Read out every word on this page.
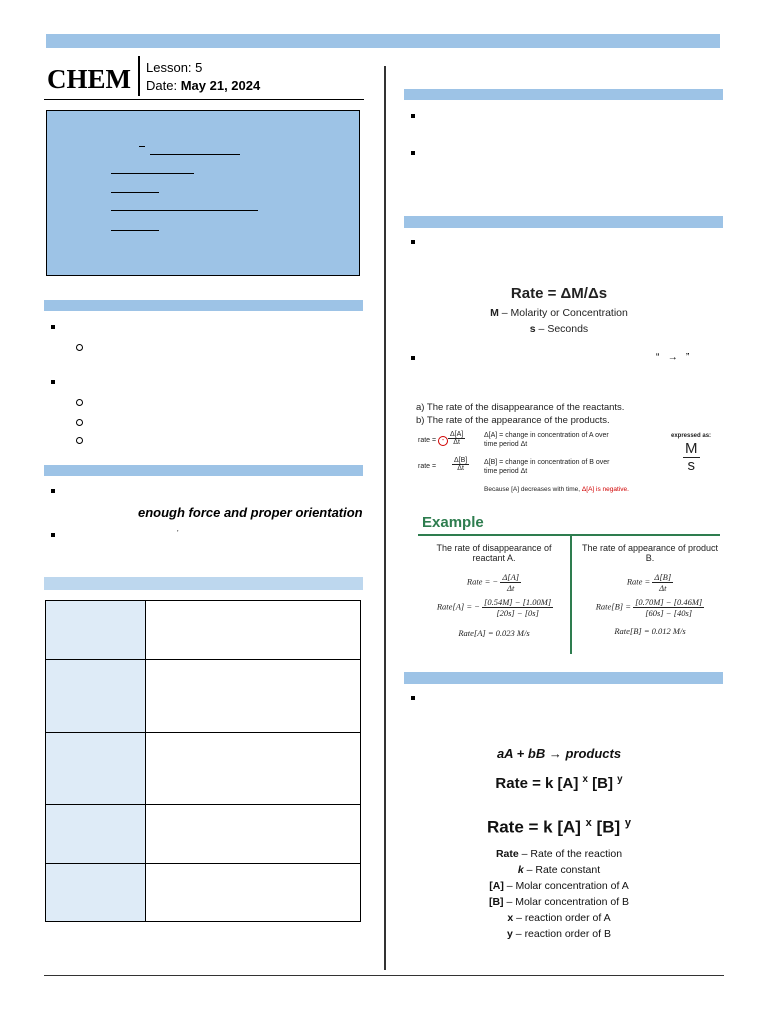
CHEM Lesson: 5
Date: May 21, 2024
enough force and proper orientation
’
Rate = ΔM/Δs
M – Molarity or Concentration
s – Seconds
“ → ”
a) The rate of the disappearance of the reactants.
b) The rate of the appearance of the products.
rate = - $\frac{\Delta[A]}{\Delta t}$	Δ[A] = change in concentration of A over
time period Δt
rate = $\frac{\Delta[B]}{\Delta t} \Delta[B]$ = change in concentration of B over
time period Δt
expressed as:
$\frac{M}{s}$
Because [A] decreases with time, Δ[A] is negative.
Example
The rate of disappearance of reactant A.
Rate = − $\frac{\Delta[A]}{\Delta t}$
Rate[A] = − $\frac{[0.54M] - [1.00M]}{[20s] - [0s]}$
Rate[A] = 0.023 M/s
The rate of appearance of product B.
Rate = $\frac{\Delta[B]}{\Delta t}$
Rate[B] = $\frac{[0.70M] - [0.46M]}{[60s] - [40s]}$
Rate[B] = 0.012 M/s
aA + bB → products
Rate = k [A] $^x$ [B] $^y$
Rate = k [A] $^x$ [B] $^y$
Rate – Rate of the reaction
k – Rate constant
[A] – Molar concentration of A
[B] – Molar concentration of B
x – reaction order of A
y – reaction order of B
